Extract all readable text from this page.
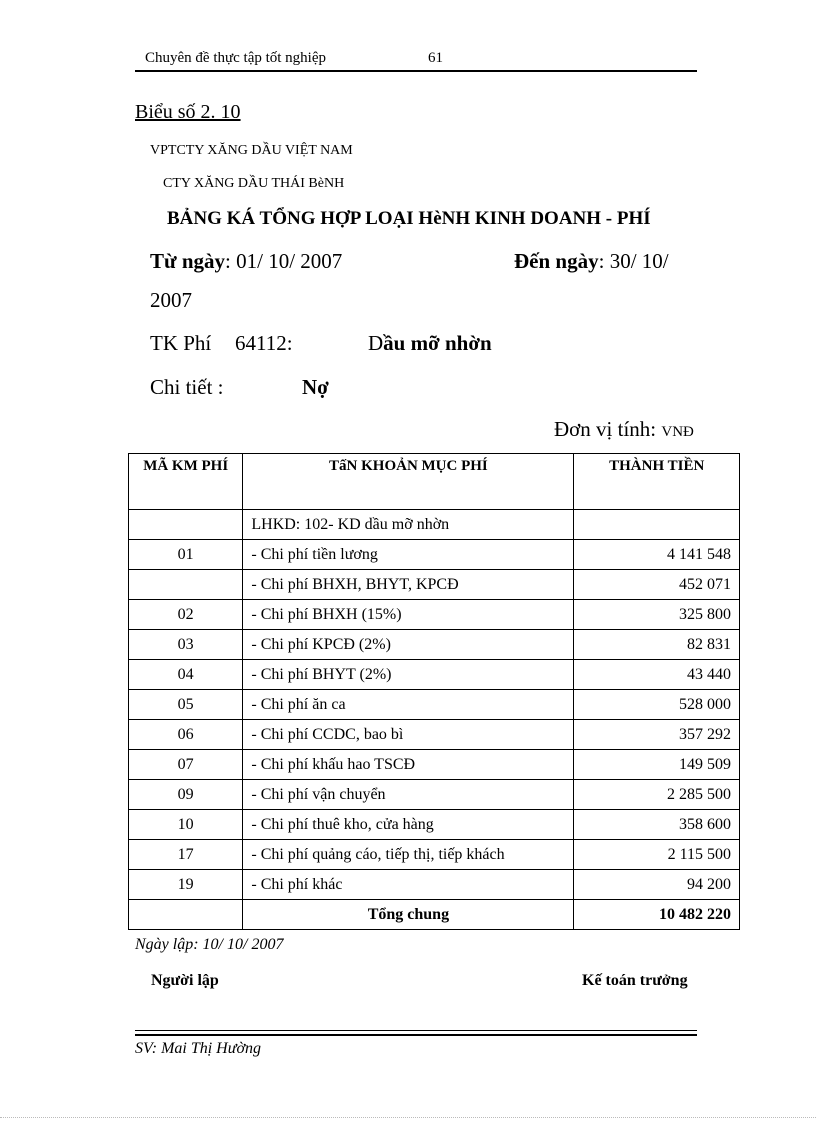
Chuyên đề thực tập tốt nghiệp	61
Biểu số 2. 10
VPTCTY XĂNG DẦU VIỆT NAM
CTY XĂNG DẦU THÁI BèNH
BẢNG KÁ TỔNG HỢP LOẠI HèNH KINH DOANH - PHÍ
Từ ngày: 01/ 10/ 2007	Đến ngày: 30/ 10/
2007
TK Phí 64112:	Dầu mỡ nhờn
Chi tiết :	Nợ
Đơn vị tính: VNĐ
MÃ KM PHÍ	TấN KHOẢN MỤC PHÍ	THÀNH TIỀN
	LHKD: 102- KD dầu mỡ nhờn	
01	- Chi phí tiền lương	4 141 548
	- Chi phí BHXH, BHYT, KPCĐ	452 071
02	- Chi phí BHXH (15%)	325 800
03	- Chi phí KPCĐ (2%)	82 831
04	- Chi phí BHYT (2%)	43 440
05	- Chi phí ăn ca	528 000
06	- Chi phí CCDC, bao bì	357 292
07	- Chi phí khấu hao TSCĐ	149 509
09	- Chi phí vận chuyển	2 285 500
10	- Chi phí thuê kho, cửa hàng	358 600
17	- Chi phí quảng cáo, tiếp thị, tiếp khách	2 115 500
19	- Chi phí khác	94 200
	Tổng chung	10 482 220
Ngày lập: 10/ 10/ 2007
Người lập	Kế toán trưởng
SV: Mai Thị Hường
